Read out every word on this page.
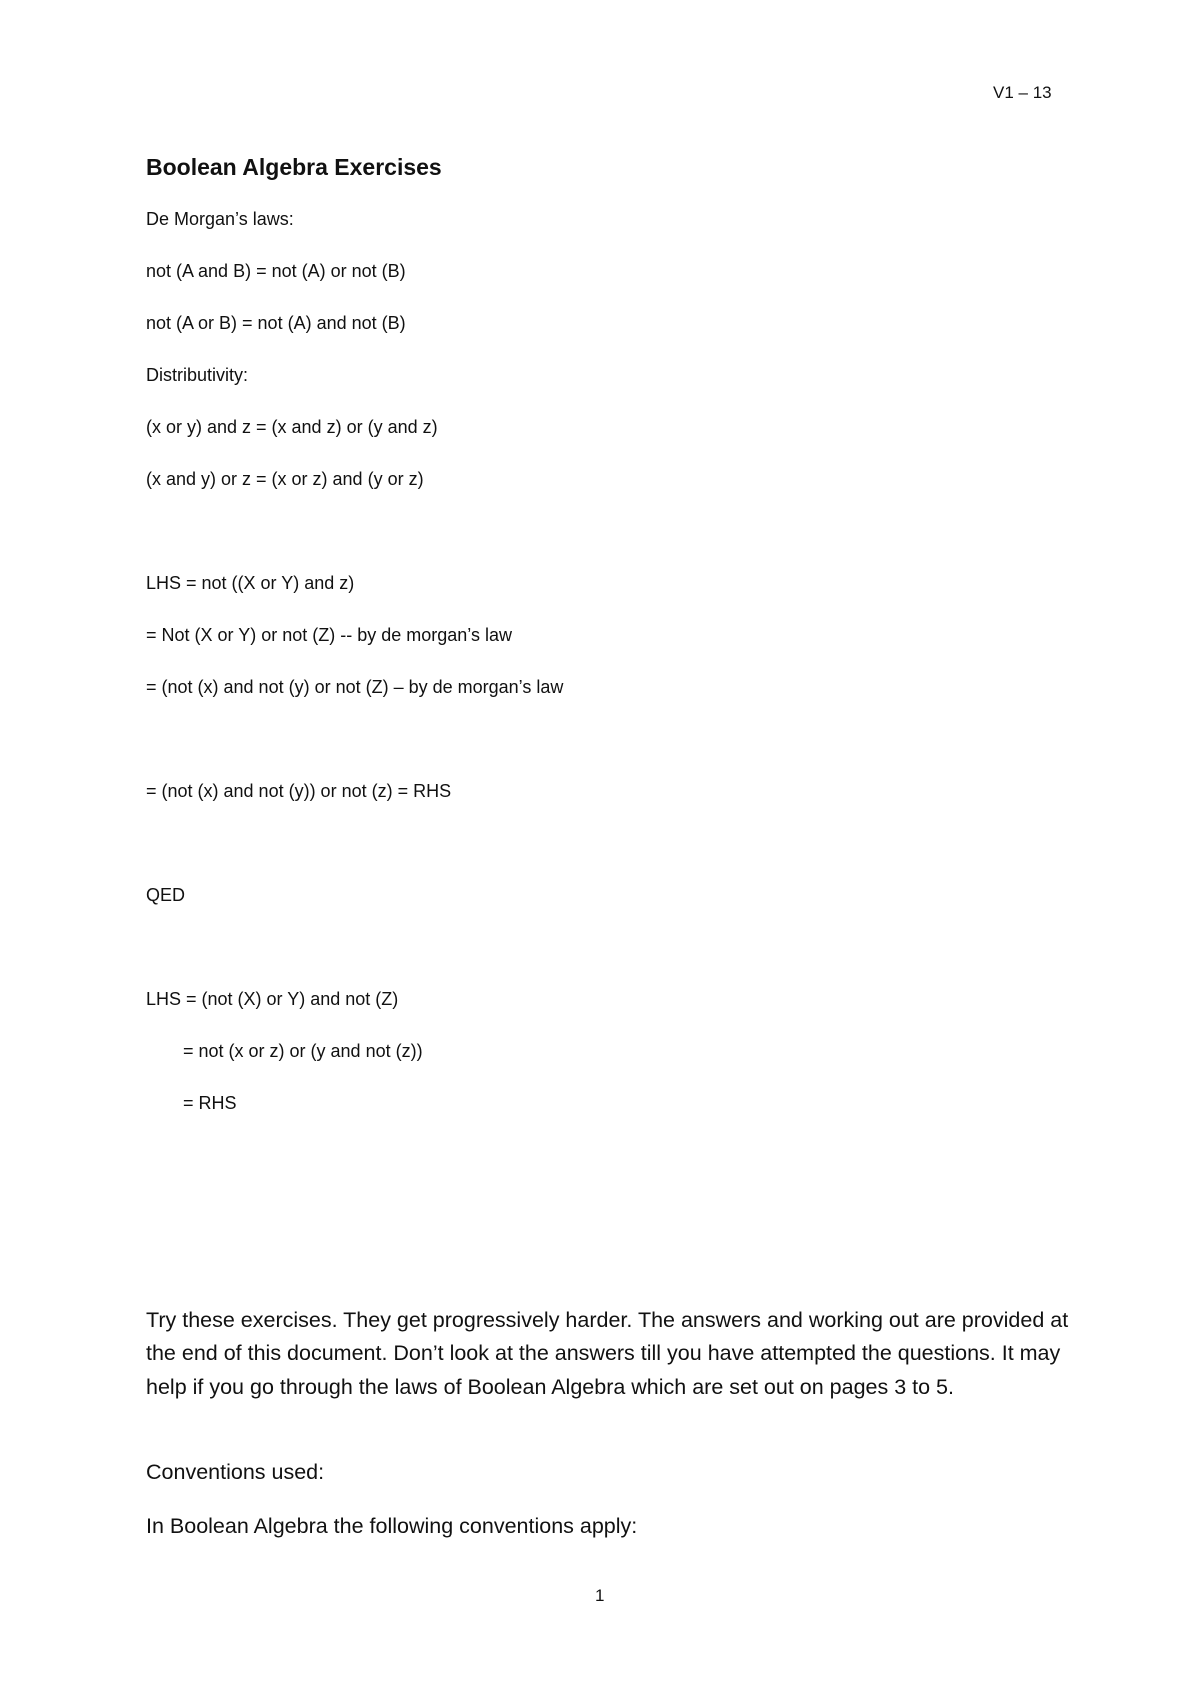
V1 – 13
Boolean Algebra Exercises
De Morgan’s laws:
not (A and B) = not (A) or not (B)
not (A or B) = not (A) and not (B)
Distributivity:
(x or y) and z = (x and z) or (y and z)
(x and y) or z = (x or z) and (y or z)
LHS = not ((X or Y) and z)
= Not (X or Y) or not (Z) -- by de morgan’s law
= (not (x) and not (y) or not (Z) – by de morgan’s law
= (not (x) and not (y)) or not (z) = RHS
QED
LHS = (not (X) or Y) and not (Z)
= not (x or z) or (y and not (z))
= RHS
Try these exercises. They get progressively harder. The answers and working out are provided at the end of this document. Don’t look at the answers till you have attempted the questions. It may help if you go through the laws of Boolean Algebra which are set out on pages 3 to 5.
Conventions used:
In Boolean Algebra the following conventions apply:
1
